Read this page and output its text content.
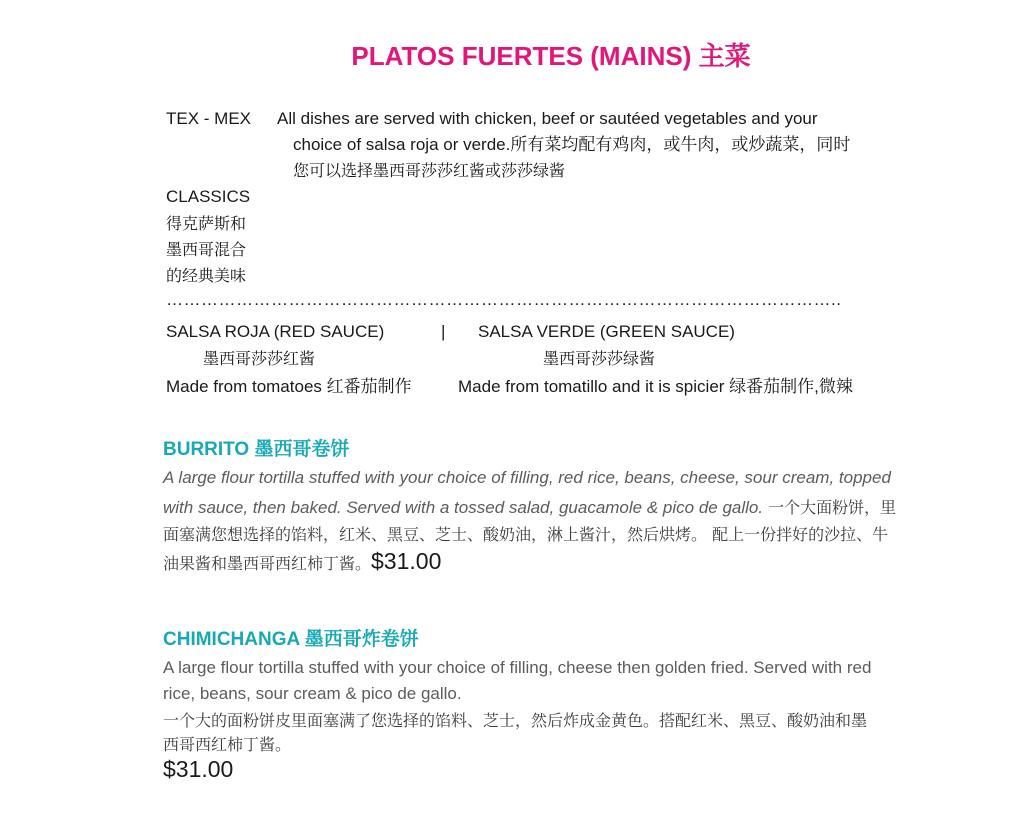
PLATOS FUERTES (MAINS) 主菜
TEX - MEX All dishes are served with chicken, beef or sautéed vegetables and your
choice of salsa roja or verde.所有菜均配有鸡肉，或牛肉，或炒蔬菜，同时
您可以选择墨西哥莎莎红酱或莎莎绿酱
CLASSICS
得克萨斯和
墨西哥混合
的经典美味
……………………………………………………………………………………………………..
SALSA ROJA (RED SAUCE)	| SALSA VERDE (GREEN SAUCE)
墨西哥莎莎红酱	墨西哥莎莎绿酱
Made from tomatoes 红番茄制作	Made from tomatillo and it is spicier 绿番茄制作,微辣
BURRITO 墨西哥卷饼
A large flour tortilla stuffed with your choice of filling, red rice, beans, cheese, sour cream, topped
with sauce, then baked. Served with a tossed salad, guacamole & pico de gallo. 一个大面粉饼，里
面塞满您想选择的馅料，红米、黑豆、芝士、酸奶油，淋上酱汁，然后烘烤。 配上一份拌好的沙拉、牛
油果酱和墨西哥西红柿丁酱。$31.00
CHIMICHANGA 墨西哥炸卷饼
A large flour tortilla stuffed with your choice of filling, cheese then golden fried. Served with red
rice, beans, sour cream & pico de gallo.
一个大的面粉饼皮里面塞满了您选择的馅料、芝士，然后炸成金黄色。搭配红米、黑豆、酸奶油和墨
西哥西红柿丁酱。
$31.00
